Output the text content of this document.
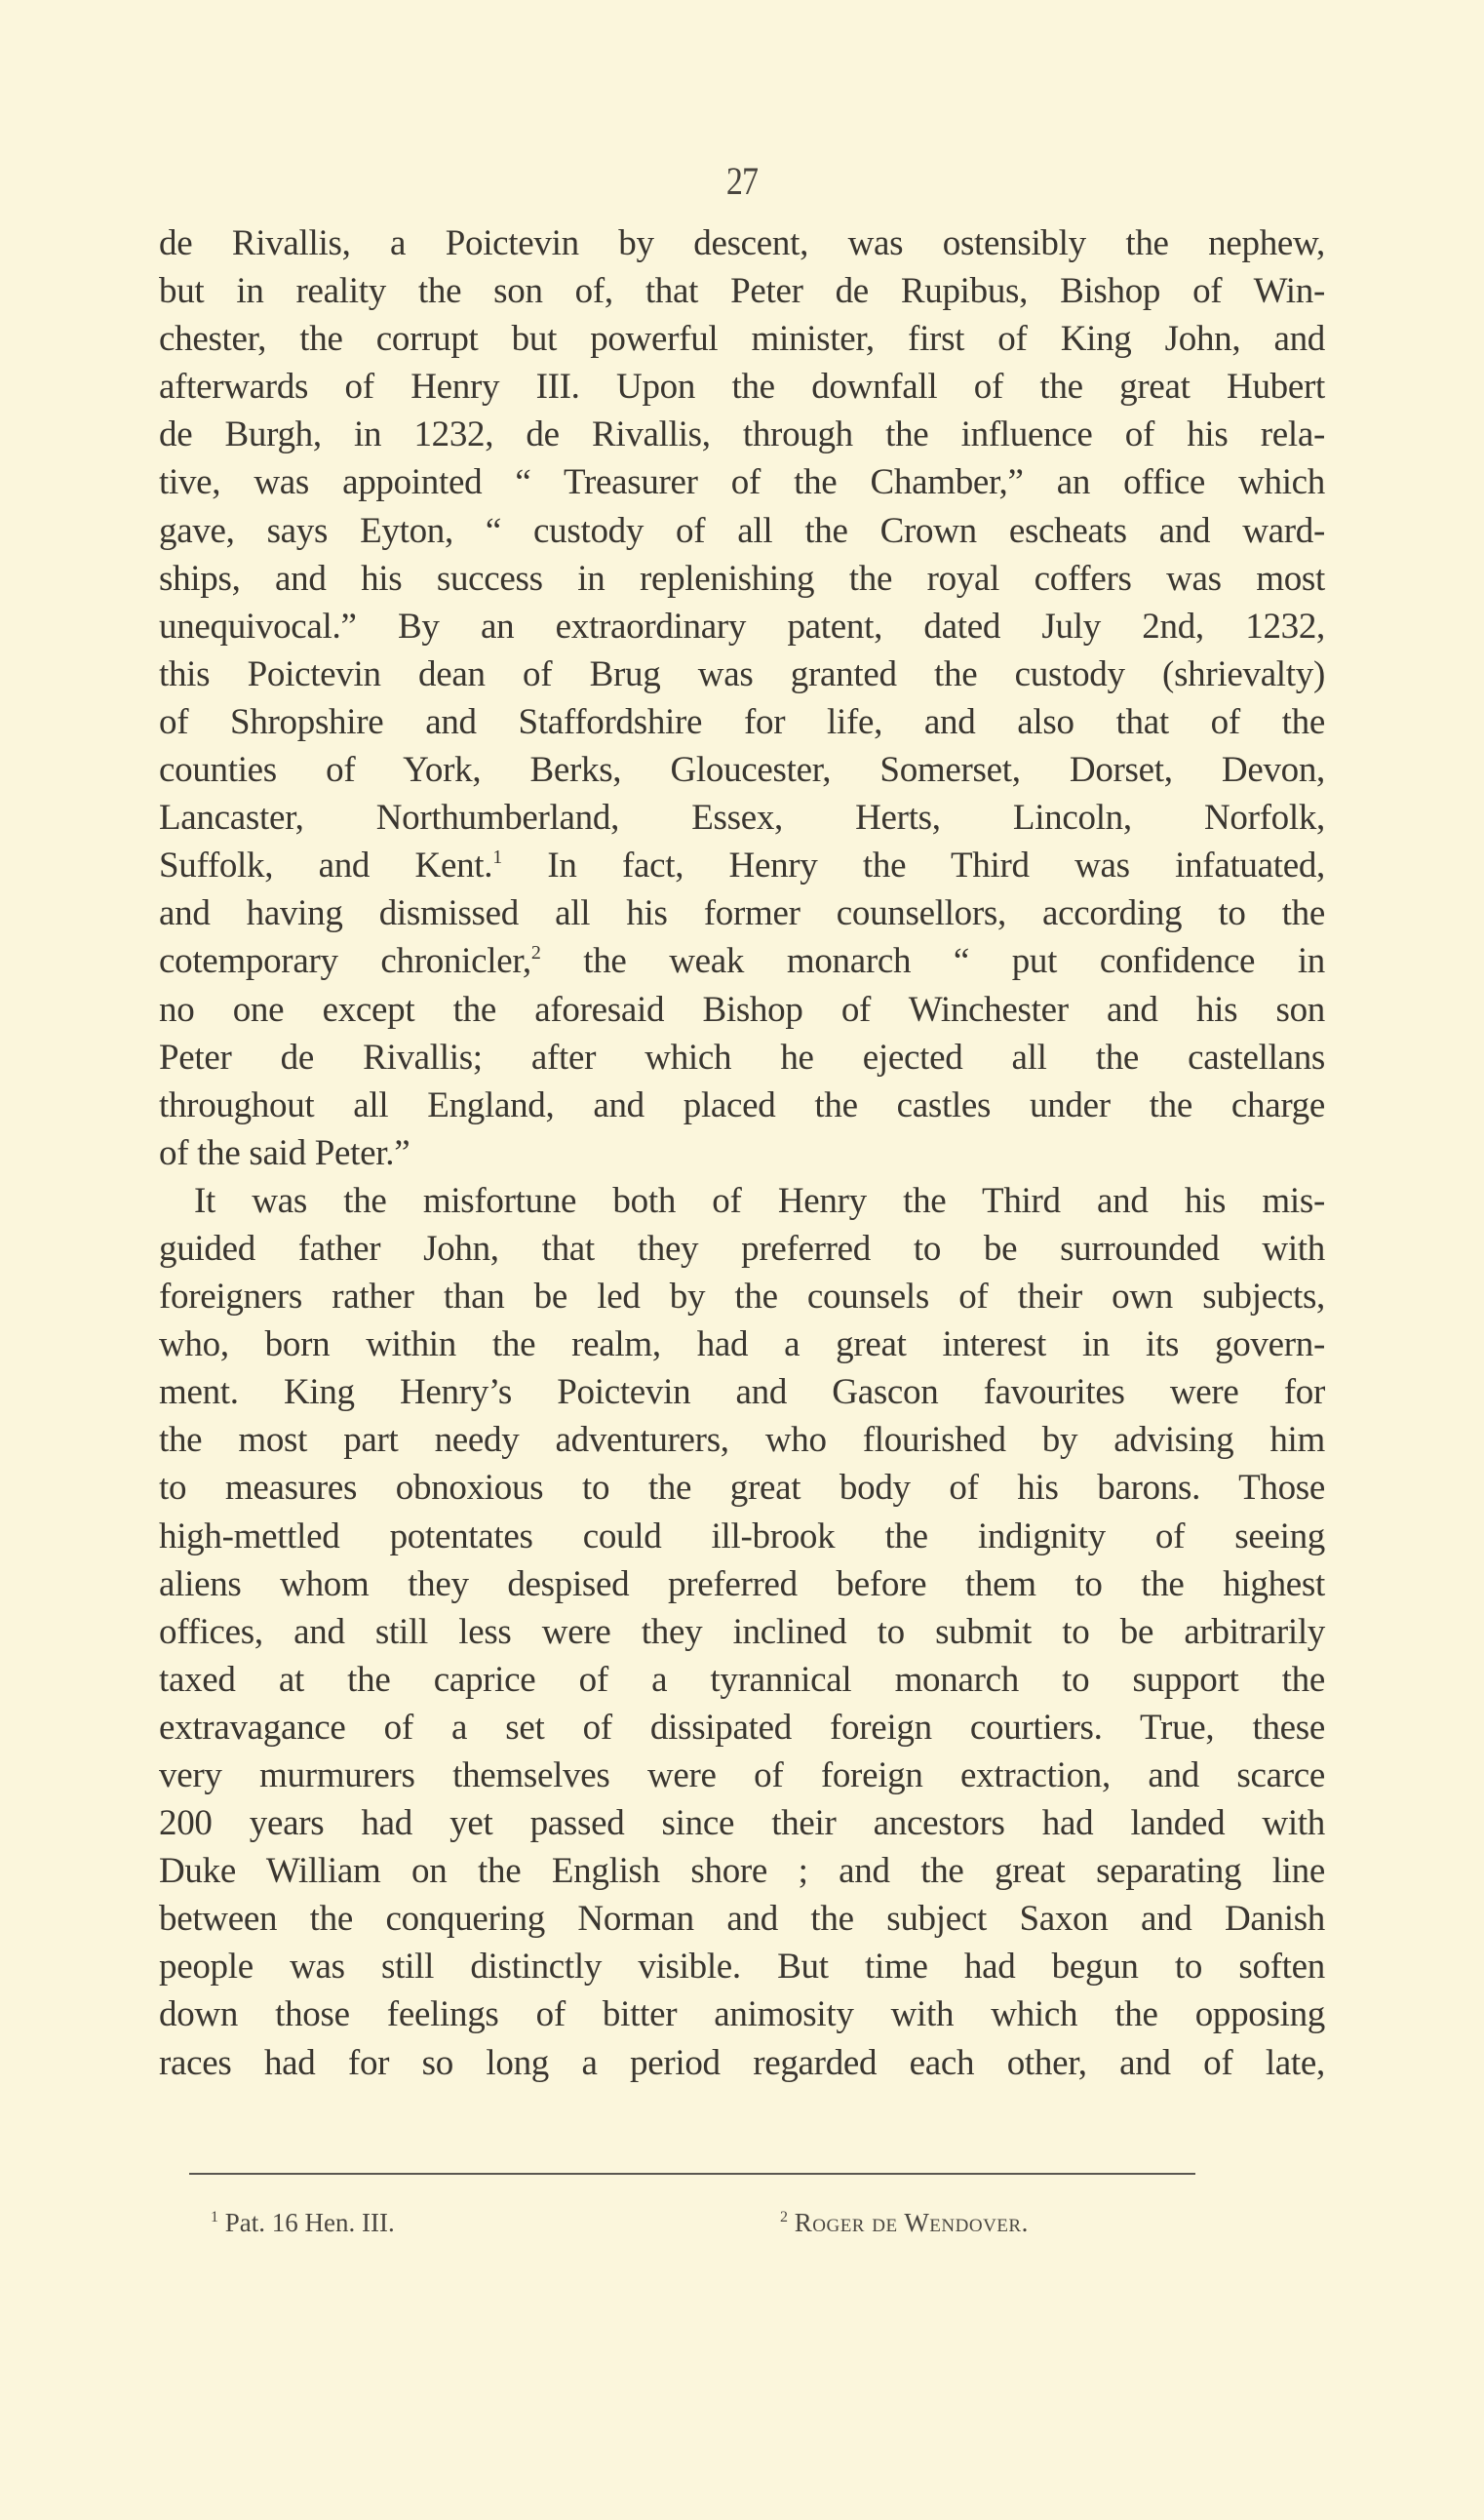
27
de Rivallis, a Poictevin by descent, was ostensibly the nephew,
but in reality the son of, that Peter de Rupibus, Bishop of Win-
chester, the corrupt but powerful minister, first of King John, and
afterwards of Henry III. Upon the downfall of the great Hubert
de Burgh, in 1232, de Rivallis, through the influence of his rela-
tive, was appointed “ Treasurer of the Chamber,” an office which
gave, says Eyton, “ custody of all the Crown escheats and ward-
ships, and his success in replenishing the royal coffers was most
unequivocal.” By an extraordinary patent, dated July 2nd, 1232,
this Poictevin dean of Brug was granted the custody (shrievalty)
of Shropshire and Staffordshire for life, and also that of the
counties of York, Berks, Gloucester, Somerset, Dorset, Devon,
Lancaster, Northumberland, Essex, Herts, Lincoln, Norfolk,
Suffolk, and Kent.$^1$ In fact, Henry the Third was infatuated,
and having dismissed all his former counsellors, according to the
cotemporary chronicler,$^2$ the weak monarch “ put confidence in
no one except the aforesaid Bishop of Winchester and his son
Peter de Rivallis; after which he ejected all the castellans
throughout all England, and placed the castles under the charge
of the said Peter.”
It was the misfortune both of Henry the Third and his mis-
guided father John, that they preferred to be surrounded with
foreigners rather than be led by the counsels of their own subjects,
who, born within the realm, had a great interest in its govern-
ment. King Henry’s Poictevin and Gascon favourites were for
the most part needy adventurers, who flourished by advising him
to measures obnoxious to the great body of his barons. Those
high-mettled potentates could ill-brook the indignity of seeing
aliens whom they despised preferred before them to the highest
offices, and still less were they inclined to submit to be arbitrarily
taxed at the caprice of a tyrannical monarch to support the
extravagance of a set of dissipated foreign courtiers. True, these
very murmurers themselves were of foreign extraction, and scarce
200 years had yet passed since their ancestors had landed with
Duke William on the English shore ; and the great separating line
between the conquering Norman and the subject Saxon and Danish
people was still distinctly visible. But time had begun to soften
down those feelings of bitter animosity with which the opposing
races had for so long a period regarded each other, and of late,
$^1$ Pat. 16 Hen. III.	$^2$ Roger de Wendover.
